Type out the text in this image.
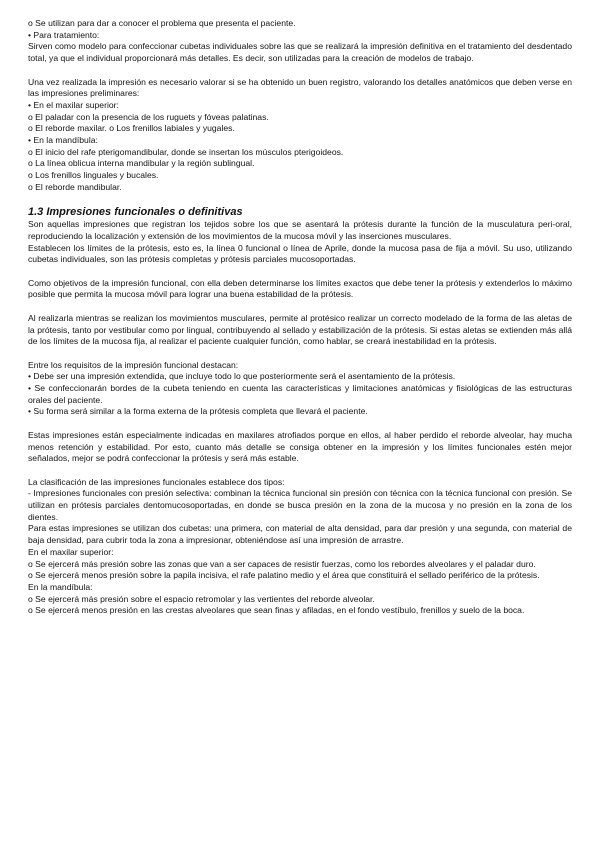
o Se utilizan para dar a conocer el problema que presenta el paciente.

• Para tratamiento:

Sirven como modelo para confeccionar cubetas individuales sobre las que se realizará la impresión definitiva en el tratamiento del desdentado total, ya que el individual proporcionará más detalles. Es decir, son utilizadas para la creación de modelos de trabajo.

Una vez realizada la impresión es necesario valorar si se ha obtenido un buen registro, valorando los detalles anatómicos que deben verse en las impresiones preliminares:

• En el maxilar superior:

o El paladar con la presencia de los ruguets y fóveas palatinas.

o El reborde maxilar. o Los frenillos labiales y yugales.

• En la mandíbula:

o El inicio del rafe pterigomandibular, donde se insertan los músculos pterigoideos.

o La línea oblicua interna mandibular y la región sublingual.

o Los frenillos linguales y bucales.

o El reborde mandibular.

1.3 Impresiones funcionales o definitivas

Son aquellas impresiones que registran los tejidos sobre los que se asentará la prótesis durante la función de la musculatura peri-oral, reproduciendo la localización y extensión de los movimientos de la mucosa móvil y las inserciones musculares.

Establecen los límites de la prótesis, esto es, la línea 0 funcional o línea de Aprile, donde la mucosa pasa de fija a móvil. Su uso, utilizando cubetas individuales, son las prótesis completas y prótesis parciales mucosoportadas.

Como objetivos de la impresión funcional, con ella deben determinarse los límites exactos que debe tener la prótesis y extenderlos lo máximo posible que permita la mucosa móvil para lograr una buena estabilidad de la prótesis.

Al realizarla mientras se realizan los movimientos musculares, permite al protésico realizar un correcto modelado de la forma de las aletas de la prótesis, tanto por vestibular como por lingual, contribuyendo al sellado y estabilización de la prótesis. Si estas aletas se extienden más allá de los límites de la mucosa fija, al realizar el paciente cualquier función, como hablar, se creará inestabilidad en la prótesis.

Entre los requisitos de la impresión funcional destacan:

• Debe ser una impresión extendida, que incluye todo lo que posteriormente será el asentamiento de la prótesis.

• Se confeccionarán bordes de la cubeta teniendo en cuenta las características y limitaciones anatómicas y fisiológicas de las estructuras orales del paciente.

• Su forma será similar a la forma externa de la prótesis completa que llevará el paciente.

Estas impresiones están especialmente indicadas en maxilares atrofiados porque en ellos, al haber perdido el reborde alveolar, hay mucha menos retención y estabilidad. Por esto, cuanto más detalle se consiga obtener en la impresión y los límites funcionales estén mejor señalados, mejor se podrá confeccionar la prótesis y será más estable.

La clasificación de las impresiones funcionales establece dos tipos:

- Impresiones funcionales con presión selectiva: combinan la técnica funcional sin presión con técnica con la técnica funcional con presión. Se utilizan en prótesis parciales dentomucosoportadas, en donde se busca presión en la zona de la mucosa y no presión en la zona de los dientes.

Para estas impresiones se utilizan dos cubetas: una primera, con material de alta densidad, para dar presión y una segunda, con material de baja densidad, para cubrir toda la zona a impresionar, obteniéndose así una impresión de arrastre.

En el maxilar superior:

o Se ejercerá más presión sobre las zonas que van a ser capaces de resistir fuerzas, como los rebordes alveolares y el paladar duro.

o Se ejercerá menos presión sobre la papila incisiva, el rafe palatino medio y el área que constituirá el sellado periférico de la prótesis.

En la mandíbula:

o Se ejercerá más presión sobre el espacio retromolar y las vertientes del reborde alveolar.

o Se ejercerá menos presión en las crestas alveolares que sean finas y afiladas, en el fondo vestíbulo, frenillos y suelo de la boca.
